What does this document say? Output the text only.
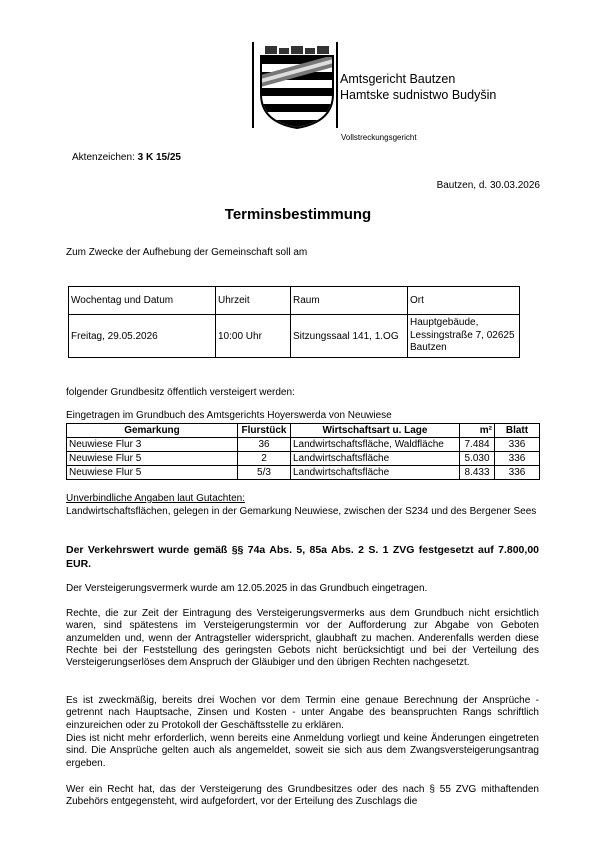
Amtsgericht Bautzen
Hamtske sudnistwo Budyšin
Vollstreckungsgericht
Aktenzeichen: 3 K 15/25
Bautzen, d. 30.03.2026
Terminsbestimmung
Zum Zwecke der Aufhebung der Gemeinschaft soll am
Wochentag und Datum	Uhrzeit	Raum	Ort
Freitag, 29.05.2026	10:00 Uhr	Sitzungssaal 141, 1.OG	Hauptgebäude, Lessingstraße 7, 02625 Bautzen
folgender Grundbesitz öffentlich versteigert werden:
Eingetragen im Grundbuch des Amtsgerichts Hoyerswerda von Neuwiese
Gemarkung	Flurstück	Wirtschaftsart u. Lage	m²	Blatt
Neuwiese Flur 3	36	Landwirtschaftsfläche, Waldfläche	7.484	336
Neuwiese Flur 5	2	Landwirtschaftsfläche	5.030	336
Neuwiese Flur 5	5/3	Landwirtschaftsfläche	8.433	336
Unverbindliche Angaben laut Gutachten:
Landwirtschaftsflächen, gelegen in der Gemarkung Neuwiese, zwischen der S234 und des Bergener Sees
Der Verkehrswert wurde gemäß §§ 74a Abs. 5, 85a Abs. 2 S. 1 ZVG festgesetzt auf 7.800,00 EUR.
Der Versteigerungsvermerk wurde am 12.05.2025 in das Grundbuch eingetragen.
Rechte, die zur Zeit der Eintragung des Versteigerungsvermerks aus dem Grundbuch nicht ersichtlich waren, sind spätestens im Versteigerungstermin vor der Aufforderung zur Abgabe von Geboten anzumelden und, wenn der Antragsteller widerspricht, glaubhaft zu machen. Anderenfalls werden diese Rechte bei der Feststellung des geringsten Gebots nicht berücksichtigt und bei der Verteilung des Versteigerungserlöses dem Anspruch der Gläubiger und den übrigen Rechten nachgesetzt.
Es ist zweckmäßig, bereits drei Wochen vor dem Termin eine genaue Berechnung der Ansprüche - getrennt nach Hauptsache, Zinsen und Kosten - unter Angabe des beanspruchten Rangs schriftlich einzureichen oder zu Protokoll der Geschäftsstelle zu erklären.
Dies ist nicht mehr erforderlich, wenn bereits eine Anmeldung vorliegt und keine Änderungen eingetreten sind. Die Ansprüche gelten auch als angemeldet, soweit sie sich aus dem Zwangsversteigerungsantrag ergeben.
Wer ein Recht hat, das der Versteigerung des Grundbesitzes oder des nach § 55 ZVG mithaftenden Zubehörs entgegensteht, wird aufgefordert, vor der Erteilung des Zuschlags die
